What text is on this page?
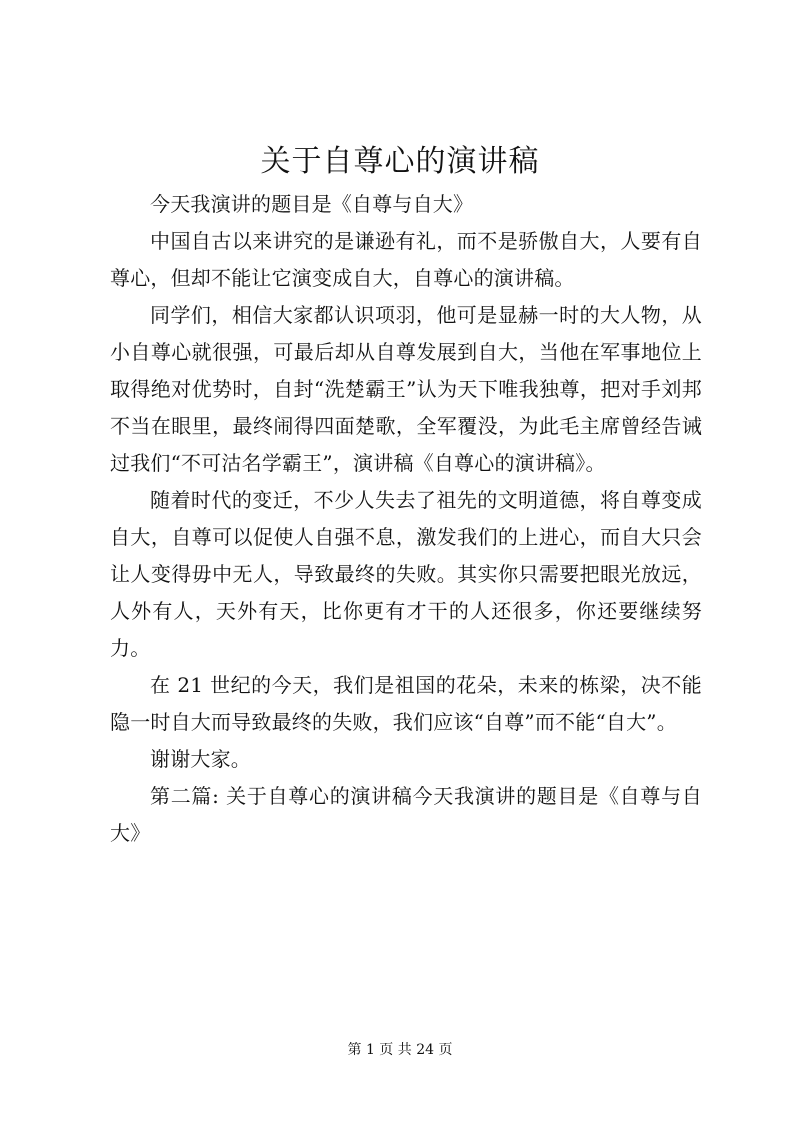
关于自尊心的演讲稿

今天我演讲的题目是《自尊与自大》

中国自古以来讲究的是谦逊有礼，而不是骄傲自大，人要有自尊心，但却不能让它演变成自大，自尊心的演讲稿。

同学们，相信大家都认识项羽，他可是显赫一时的大人物，从小自尊心就很强，可最后却从自尊发展到自大，当他在军事地位上取得绝对优势时，自封“洗楚霸王”认为天下唯我独尊，把对手刘邦不当在眼里，最终闹得四面楚歌，全军覆没，为此毛主席曾经告诫过我们“不可沽名学霸王”，演讲稿《自尊心的演讲稿》。

随着时代的变迁，不少人失去了祖先的文明道德，将自尊变成自大，自尊可以促使人自强不息，激发我们的上进心，而自大只会让人变得毋中无人，导致最终的失败。其实你只需要把眼光放远，人外有人，天外有天，比你更有才干的人还很多，你还要继续努力。

在 21 世纪的今天，我们是祖国的花朵，未来的栋梁，决不能隐一时自大而导致最终的失败，我们应该“自尊”而不能“自大”。

谢谢大家。

第二篇: 关于自尊心的演讲稿今天我演讲的题目是《自尊与自大》

第 1 页 共 24 页
